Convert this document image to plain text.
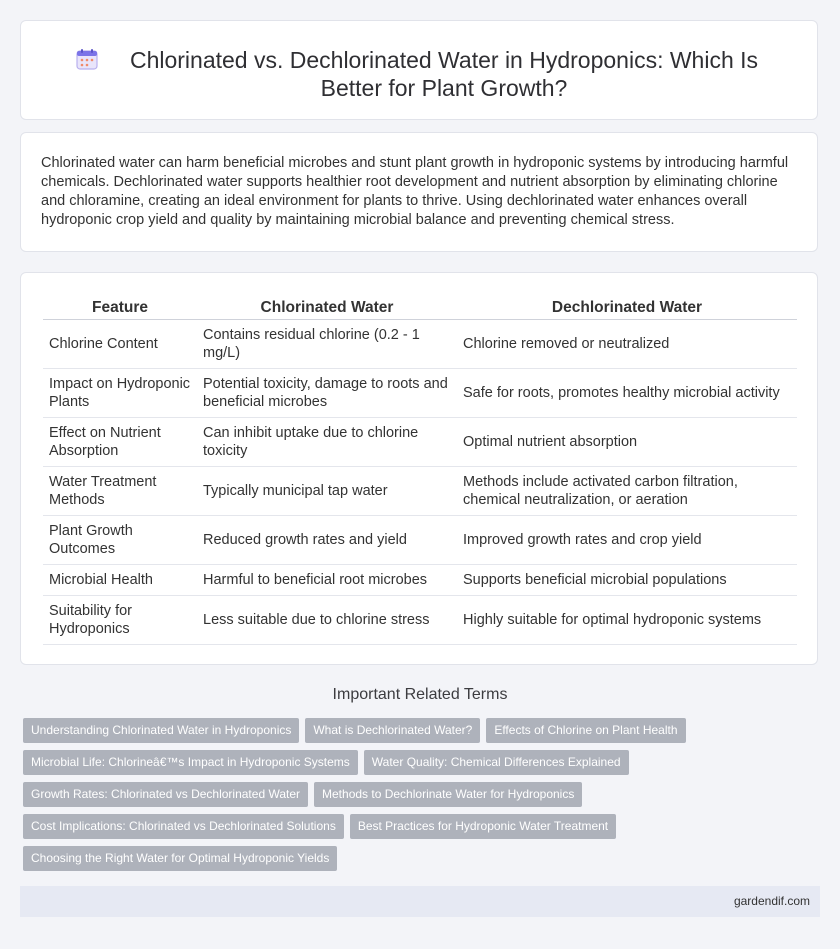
Chlorinated vs. Dechlorinated Water in Hydroponics: Which Is Better for Plant Growth?
Chlorinated water can harm beneficial microbes and stunt plant growth in hydroponic systems by introducing harmful chemicals. Dechlorinated water supports healthier root development and nutrient absorption by eliminating chlorine and chloramine, creating an ideal environment for plants to thrive. Using dechlorinated water enhances overall hydroponic crop yield and quality by maintaining microbial balance and preventing chemical stress.
Feature	Chlorinated Water	Dechlorinated Water
Chlorine Content	Contains residual chlorine (0.2 - 1 mg/L)	Chlorine removed or neutralized
Impact on Hydroponic Plants	Potential toxicity, damage to roots and beneficial microbes	Safe for roots, promotes healthy microbial activity
Effect on Nutrient Absorption	Can inhibit uptake due to chlorine toxicity	Optimal nutrient absorption
Water Treatment Methods	Typically municipal tap water	Methods include activated carbon filtration, chemical neutralization, or aeration
Plant Growth Outcomes	Reduced growth rates and yield	Improved growth rates and crop yield
Microbial Health	Harmful to beneficial root microbes	Supports beneficial microbial populations
Suitability for Hydroponics	Less suitable due to chlorine stress	Highly suitable for optimal hydroponic systems
Important Related Terms
Understanding Chlorinated Water in Hydroponics What is Dechlorinated Water? Effects of Chlorine on Plant Health
Microbial Life: Chlorineâ€™s Impact in Hydroponic Systems Water Quality: Chemical Differences Explained
Growth Rates: Chlorinated vs Dechlorinated Water Methods to Dechlorinate Water for Hydroponics
Cost Implications: Chlorinated vs Dechlorinated Solutions Best Practices for Hydroponic Water Treatment
Choosing the Right Water for Optimal Hydroponic Yields
gardendif.com
